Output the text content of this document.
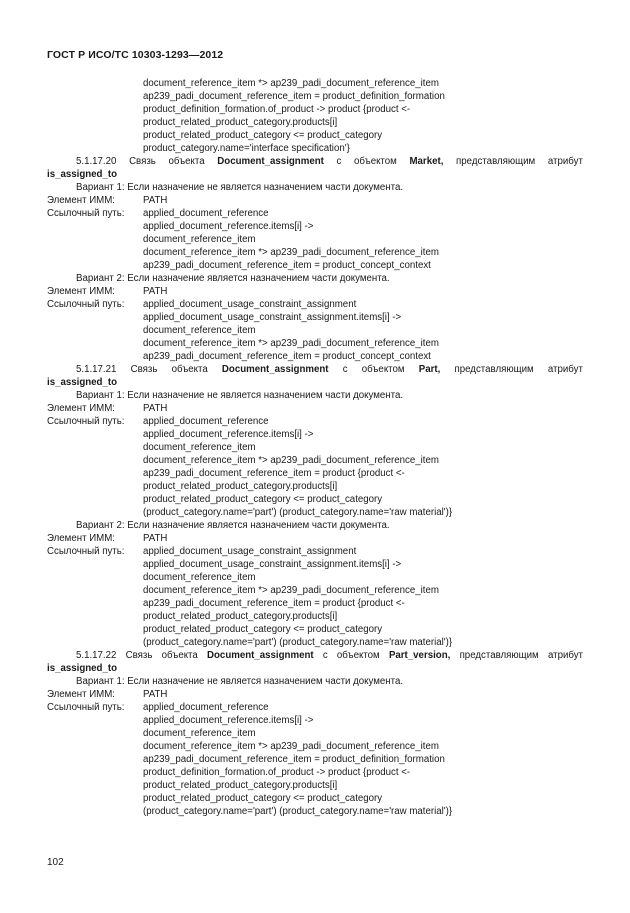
ГОСТ Р ИСО/ТС 10303-1293—2012
document_reference_item *> ap239_padi_document_reference_item
ap239_padi_document_reference_item = product_definition_formation
product_definition_formation.of_product -> product {product <-
product_related_product_category.products[i]
product_related_product_category <= product_category
product_category.name='interface specification'}
5.1.17.20 Связь объекта Document_assignment с объектом Market, представляющим атрибут
is_assigned_to
Вариант 1: Если назначение не является назначением части документа.
Элемент ИММ:	PATH
Ссылочный путь:	applied_document_reference
applied_document_reference.items[i] ->
document_reference_item
document_reference_item *> ap239_padi_document_reference_item
ap239_padi_document_reference_item = product_concept_context
Вариант 2: Если назначение является назначением части документа.
Элемент ИММ:	PATH
Ссылочный путь:	applied_document_usage_constraint_assignment
applied_document_usage_constraint_assignment.items[i] ->
document_reference_item
document_reference_item *> ap239_padi_document_reference_item
ap239_padi_document_reference_item = product_concept_context
5.1.17.21 Связь объекта Document_assignment с объектом Part, представляющим атрибут
is_assigned_to
Вариант 1: Если назначение не является назначением части документа.
Элемент ИММ:	PATH
Ссылочный путь:	applied_document_reference
applied_document_reference.items[i] ->
document_reference_item
document_reference_item *> ap239_padi_document_reference_item
ap239_padi_document_reference_item = product {product <-
product_related_product_category.products[i]
product_related_product_category <= product_category
(product_category.name='part') (product_category.name='raw material')}
Вариант 2: Если назначение является назначением части документа.
Элемент ИММ:	PATH
Ссылочный путь:	applied_document_usage_constraint_assignment
applied_document_usage_constraint_assignment.items[i] ->
document_reference_item
document_reference_item *> ap239_padi_document_reference_item
ap239_padi_document_reference_item = product {product <-
product_related_product_category.products[i]
product_related_product_category <= product_category
(product_category.name='part') (product_category.name='raw material')}
5.1.17.22 Связь объекта Document_assignment с объектом Part_version, представляющим атрибут
is_assigned_to
Вариант 1: Если назначение не является назначением части документа.
Элемент ИММ:	PATH
Ссылочный путь:	applied_document_reference
applied_document_reference.items[i] ->
document_reference_item
document_reference_item *> ap239_padi_document_reference_item
ap239_padi_document_reference_item = product_definition_formation
product_definition_formation.of_product -> product {product <-
product_related_product_category.products[i]
product_related_product_category <= product_category
(product_category.name='part') (product_category.name='raw material')}
102
